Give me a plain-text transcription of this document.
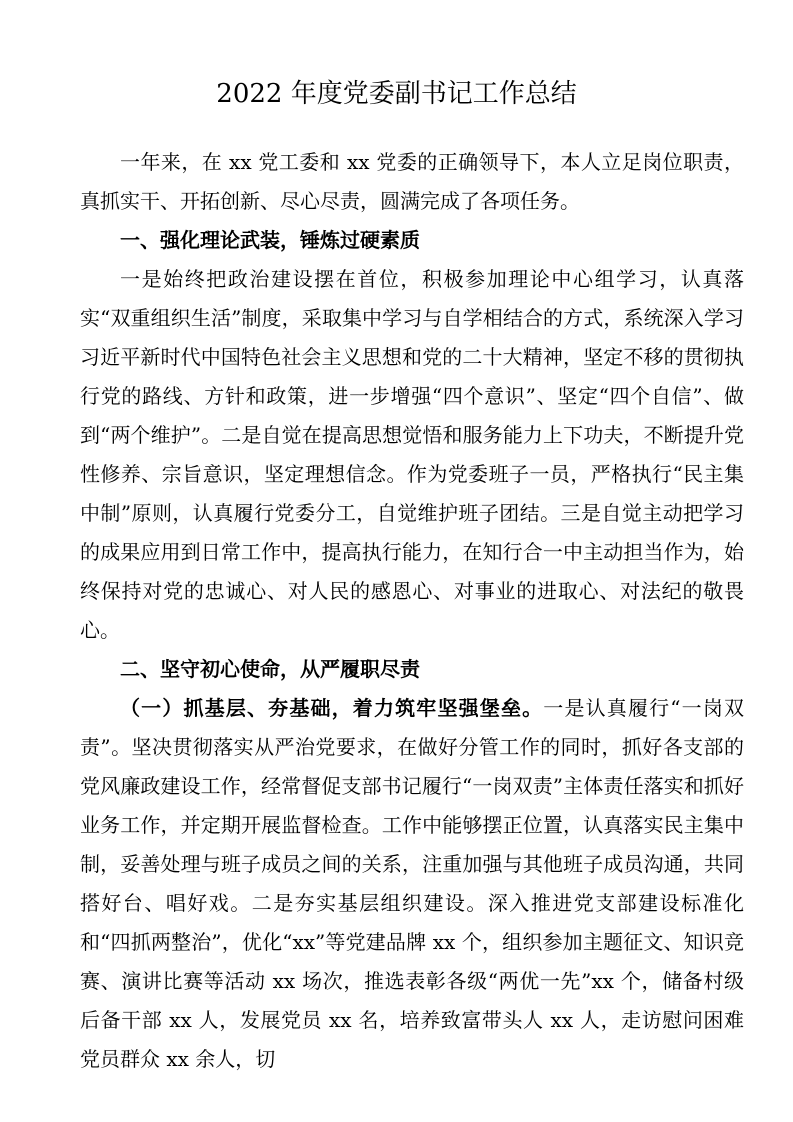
2022 年度党委副书记工作总结

一年来，在 xx 党工委和 xx 党委的正确领导下，本人立足岗位职责，真抓实干、开拓创新、尽心尽责，圆满完成了各项任务。

一、强化理论武装，锤炼过硬素质

一是始终把政治建设摆在首位，积极参加理论中心组学习，认真落实“双重组织生活”制度，采取集中学习与自学相结合的方式，系统深入学习习近平新时代中国特色社会主义思想和党的二十大精神，坚定不移的贯彻执行党的路线、方针和政策，进一步增强“四个意识”、坚定“四个自信”、做到“两个维护”。二是自觉在提高思想觉悟和服务能力上下功夫，不断提升党性修养、宗旨意识，坚定理想信念。作为党委班子一员，严格执行“民主集中制”原则，认真履行党委分工，自觉维护班子团结。三是自觉主动把学习的成果应用到日常工作中，提高执行能力，在知行合一中主动担当作为，始终保持对党的忠诚心、对人民的感恩心、对事业的进取心、对法纪的敬畏心。

二、坚守初心使命，从严履职尽责

（一）抓基层、夯基础，着力筑牢坚强堡垒。一是认真履行“一岗双责”。坚决贯彻落实从严治党要求，在做好分管工作的同时，抓好各支部的党风廉政建设工作，经常督促支部书记履行“一岗双责”主体责任落实和抓好业务工作，并定期开展监督检查。工作中能够摆正位置，认真落实民主集中制，妥善处理与班子成员之间的关系，注重加强与其他班子成员沟通，共同搭好台、唱好戏。二是夯实基层组织建设。深入推进党支部建设标准化和“四抓两整治”，优化“xx”等党建品牌 xx 个，组织参加主题征文、知识竞赛、演讲比赛等活动 xx 场次，推选表彰各级“两优一先”xx 个，储备村级后备干部 xx 人，发展党员 xx 名，培养致富带头人 xx 人，走访慰问困难党员群众 xx 余人，切
